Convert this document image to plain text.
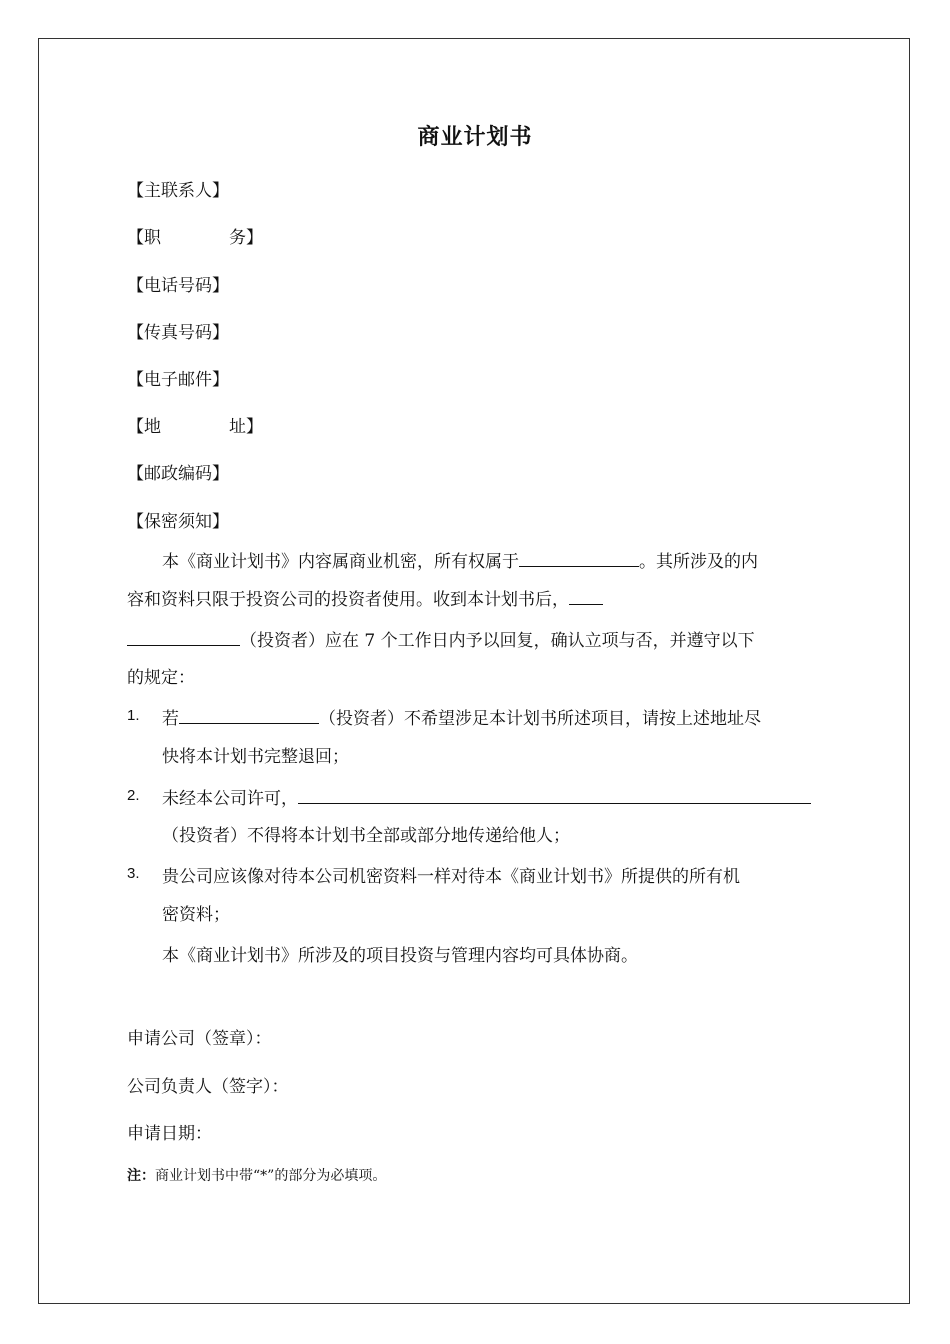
商业计划书
【主联系人】
【职	务】
【电话号码】
【传真号码】
【电子邮件】
【地	址】
【邮政编码】
【保密须知】
本《商业计划书》内容属商业机密，所有权属于	。其所涉及的内
容和资料只限于投资公司的投资者使用。收到本计划书后，
（投资者）应在 7 个工作日内予以回复，确认立项与否，并遵守以下
的规定：
1. 若	（投资者）不希望涉足本计划书所述项目，请按上述地址尽
快将本计划书完整退回；
2. 未经本公司许可，
（投资者）不得将本计划书全部或部分地传递给他人；
3. 贵公司应该像对待本公司机密资料一样对待本《商业计划书》所提供的所有机
密资料；
本《商业计划书》所涉及的项目投资与管理内容均可具体协商。
申请公司（签章）：
公司负责人（签字）：
申请日期：
注：商业计划书中带“*”的部分为必填项。
